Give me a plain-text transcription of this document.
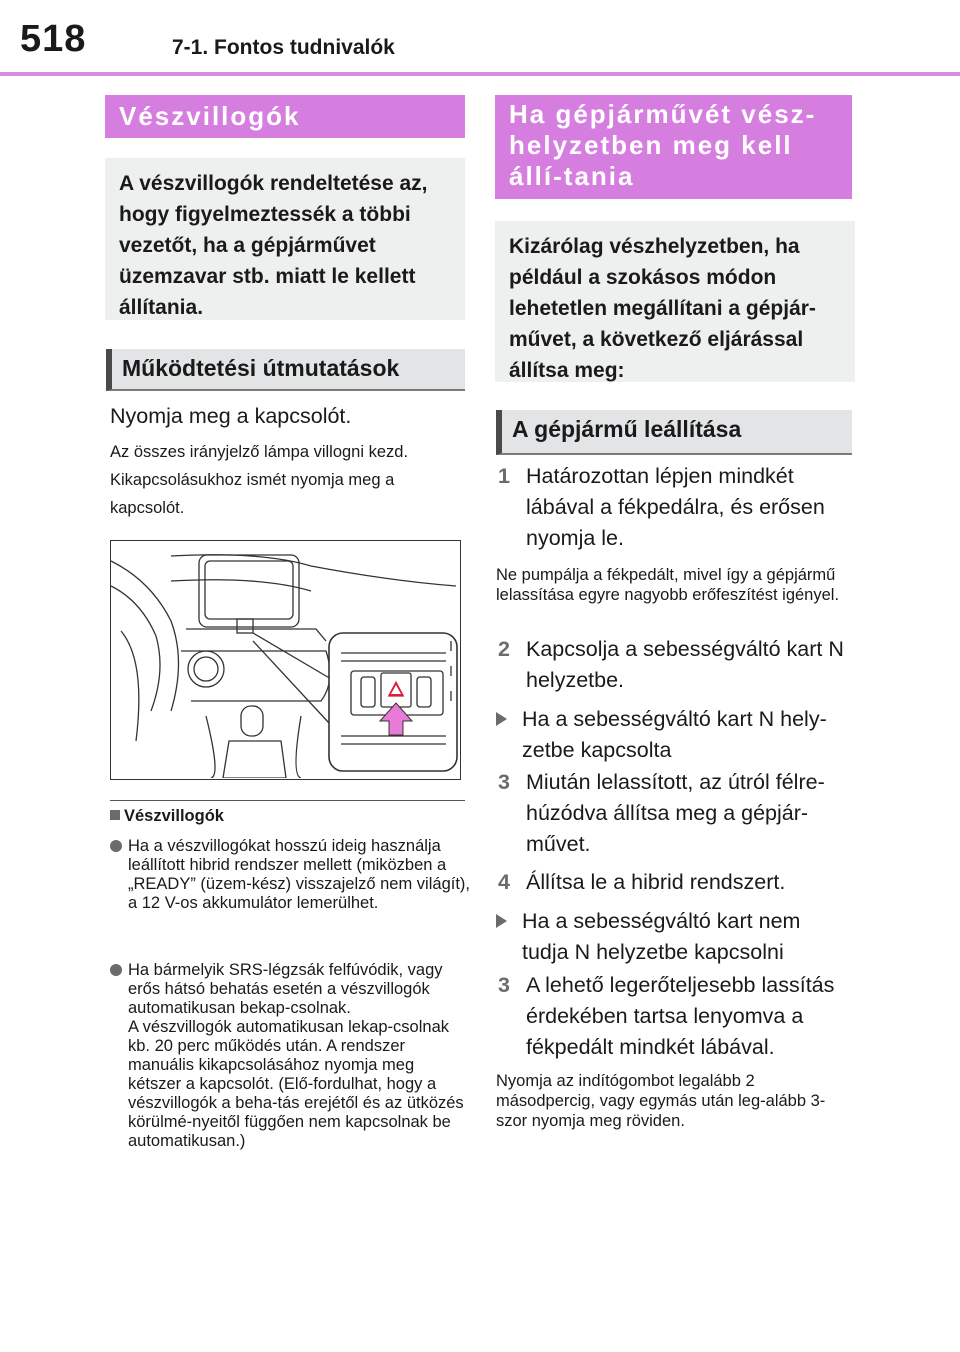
518	7-1. Fontos tudnivalók
Vészvillogók
A vészvillogók rendeltetése az, hogy figyelmeztessék a többi vezetőt, ha a gépjárművet üzemzavar stb. miatt le kellett állítania.
Működtetési útmutatások
Nyomja meg a kapcsolót.
Az összes irányjelző lámpa villogni kezd. Kikapcsolásukhoz ismét nyomja meg a kapcsolót.
Vészvillogók
Ha a vészvillogókat hosszú ideig használja leállított hibrid rendszer mellett (miközben a „READY” (üzem-kész) visszajelző nem világít), a 12 V-os akkumulátor lemerülhet.
Ha bármelyik SRS-légzsák felfúvódik, vagy erős hátsó behatás esetén a vészvillogók automatikusan bekap-csolnak.
A vészvillogók automatikusan lekap-csolnak kb. 20 perc működés után. A rendszer manuális kikapcsolásához nyomja meg kétszer a kapcsolót. (Elő-fordulhat, hogy a vészvillogók a beha-tás erejétől és az ütközés körülmé-nyeitől függően nem kapcsolnak be automatikusan.)
Ha gépjárművét vész-helyzetben meg kell állí-tania
Kizárólag vészhelyzetben, ha például a szokásos módon lehetetlen megállítani a gépjár-művet, a következő eljárással állítsa meg:
A gépjármű leállítása
1 Határozottan lépjen mindkét lábával a fékpedálra, és erősen nyomja le.
Ne pumpálja a fékpedált, mivel így a gépjármű lelassítása egyre nagyobb erőfeszítést igényel.
2 Kapcsolja a sebességváltó kart N helyzetbe.
Ha a sebességváltó kart N hely-zetbe kapcsolta
3 Miután lelassított, az útról félre-húzódva állítsa meg a gépjár-művet.
4 Állítsa le a hibrid rendszert.
Ha a sebességváltó kart nem tudja N helyzetbe kapcsolni
3 A lehető legerőteljesebb lassítás érdekében tartsa lenyomva a fékpedált mindkét lábával.
Nyomja az indítógombot legalább 2 másodpercig, vagy egymás után leg-alább 3-szor nyomja meg röviden.
